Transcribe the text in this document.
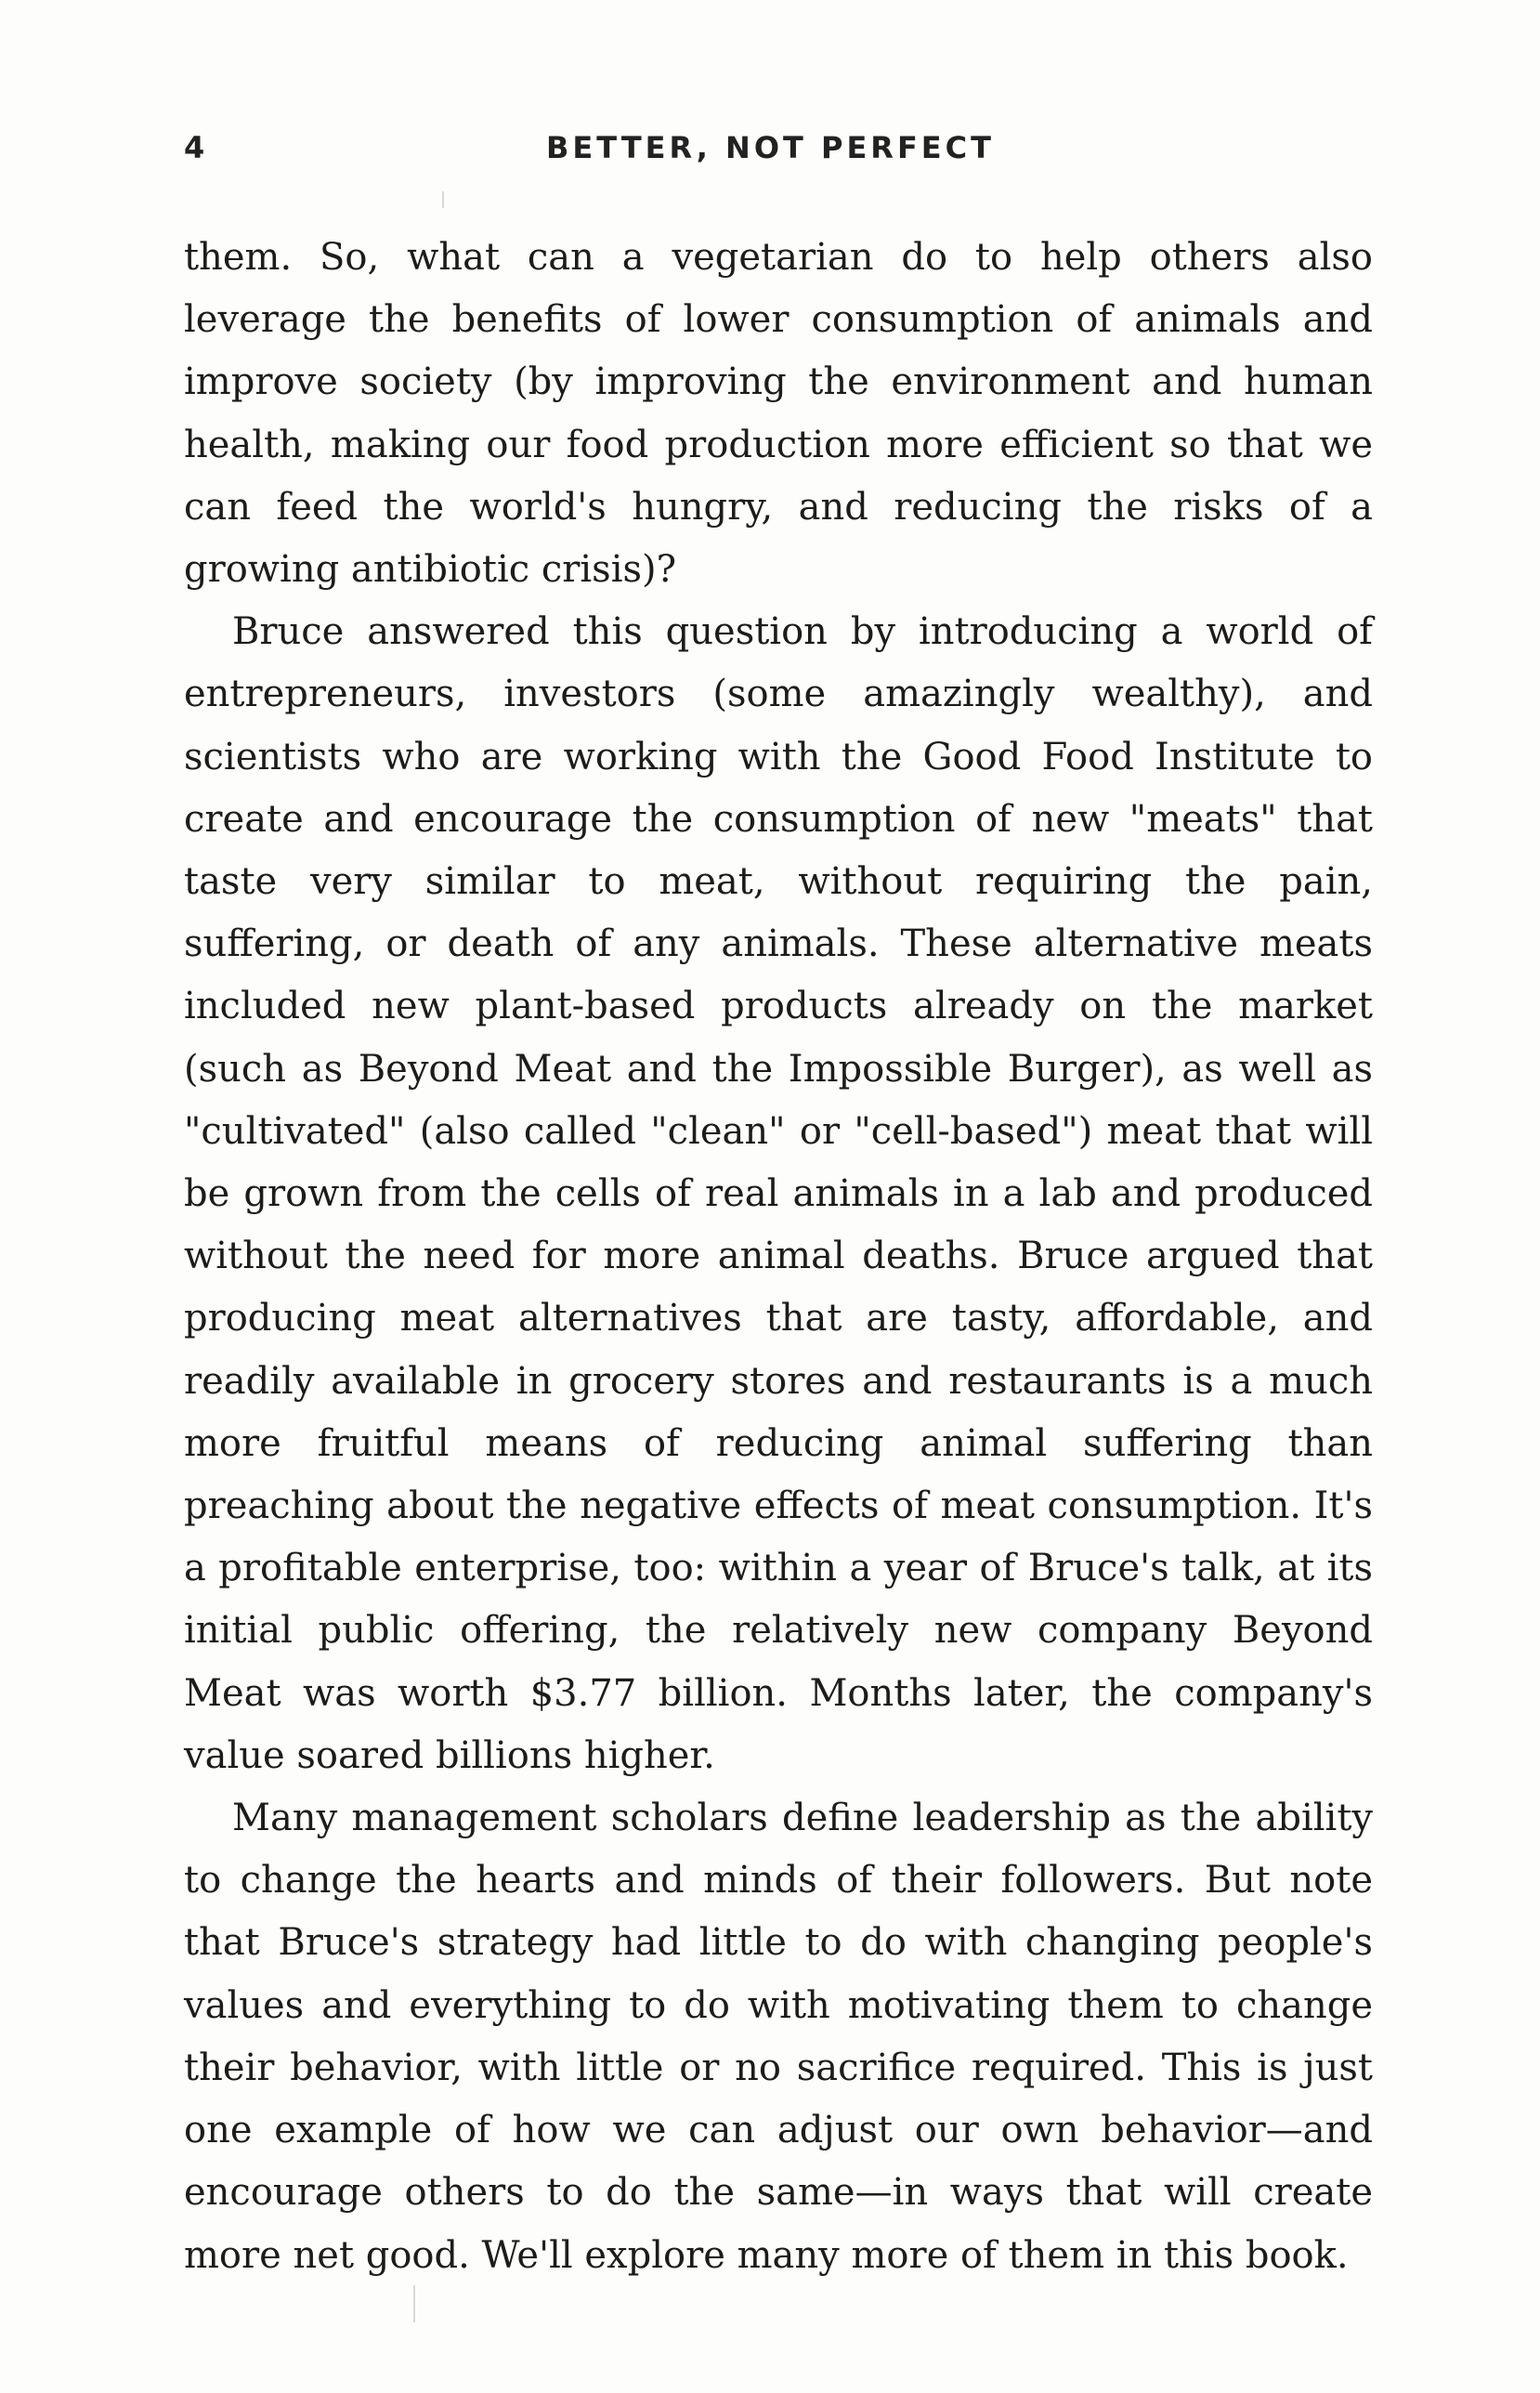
4	BETTER, NOT PERFECT

them. So, what can a vegetarian do to help others also leverage the benefits of lower consumption of animals and improve society (by improving the environment and human health, making our food production more efficient so that we can feed the world's hungry, and reducing the risks of a growing antibiotic crisis)?

Bruce answered this question by introducing a world of entrepreneurs, investors (some amazingly wealthy), and scientists who are working with the Good Food Institute to create and encourage the consumption of new "meats" that taste very similar to meat, without requiring the pain, suffering, or death of any animals. These alternative meats included new plant-based products already on the market (such as Beyond Meat and the Impossible Burger), as well as "cultivated" (also called "clean" or "cell-based") meat that will be grown from the cells of real animals in a lab and produced without the need for more animal deaths. Bruce argued that producing meat alternatives that are tasty, affordable, and readily available in grocery stores and restaurants is a much more fruitful means of reducing animal suffering than preaching about the negative effects of meat consumption. It's a profitable enterprise, too: within a year of Bruce's talk, at its initial public offering, the relatively new company Beyond Meat was worth $3.77 billion. Months later, the company's value soared billions higher.

Many management scholars define leadership as the ability to change the hearts and minds of their followers. But note that Bruce's strategy had little to do with changing people's values and everything to do with motivating them to change their behavior, with little or no sacrifice required. This is just one example of how we can adjust our own behavior—and encourage others to do the same—in ways that will create more net good. We'll explore many more of them in this book.
